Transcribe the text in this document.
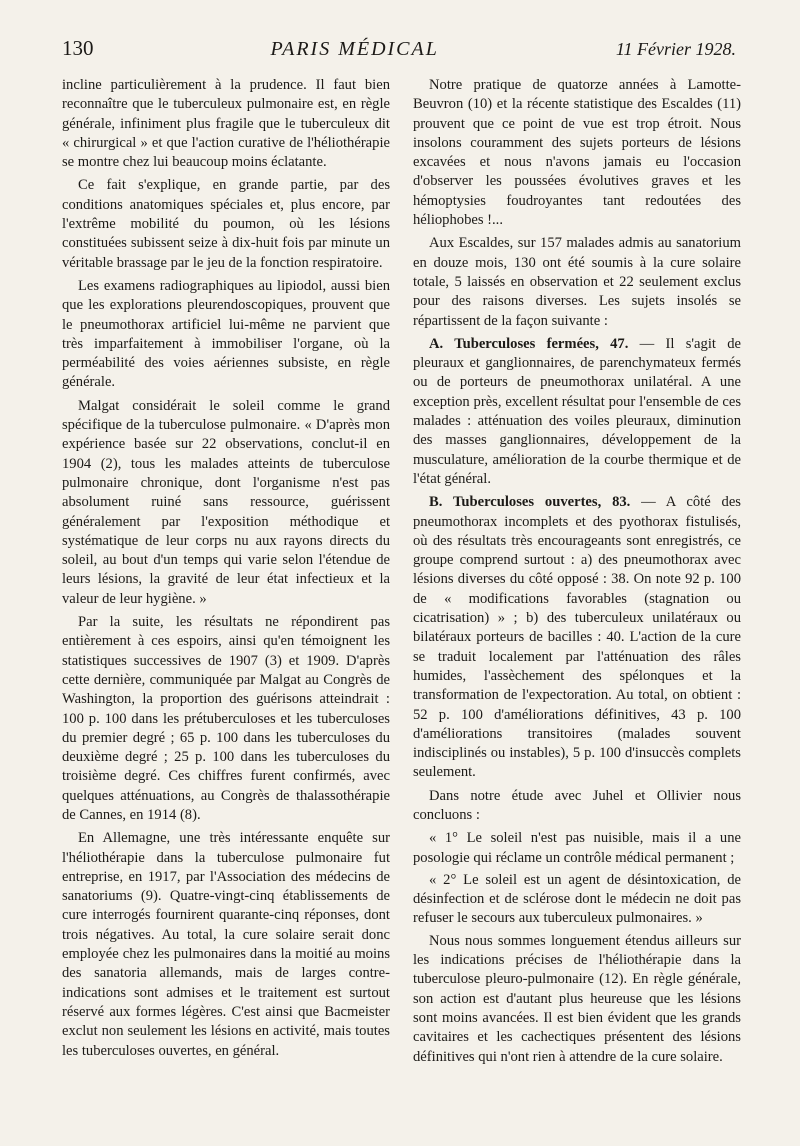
130	PARIS MÉDICAL	11 Février 1928.

incline particulièrement à la prudence. Il faut bien reconnaître que le tuberculeux pulmonaire est, en règle générale, infiniment plus fragile que le tuberculeux dit « chirurgical » et que l'action curative de l'héliothérapie se montre chez lui beaucoup moins éclatante.

Ce fait s'explique, en grande partie, par des conditions anatomiques spéciales et, plus encore, par l'extrême mobilité du poumon, où les lésions constituées subissent seize à dix-huit fois par minute un véritable brassage par le jeu de la fonction respiratoire.

Les examens radiographiques au lipiodol, aussi bien que les explorations pleurendoscopiques, prouvent que le pneumothorax artificiel lui-même ne parvient que très imparfaitement à immobiliser l'organe, où la perméabilité des voies aériennes subsiste, en règle générale.

Malgat considérait le soleil comme le grand spécifique de la tuberculose pulmonaire. « D'après mon expérience basée sur 22 observations, conclut-il en 1904 (2), tous les malades atteints de tuberculose pulmonaire chronique, dont l'organisme n'est pas absolument ruiné sans ressource, guérissent généralement par l'exposition méthodique et systématique de leur corps nu aux rayons directs du soleil, au bout d'un temps qui varie selon l'étendue de leurs lésions, la gravité de leur état infectieux et la valeur de leur hygiène. »

Par la suite, les résultats ne répondirent pas entièrement à ces espoirs, ainsi qu'en témoignent les statistiques successives de 1907 (3) et 1909. D'après cette dernière, communiquée par Malgat au Congrès de Washington, la proportion des guérisons atteindrait : 100 p. 100 dans les prétuberculoses et les tuberculoses du premier degré ; 65 p. 100 dans les tuberculoses du deuxième degré ; 25 p. 100 dans les tuberculoses du troisième degré. Ces chiffres furent confirmés, avec quelques atténuations, au Congrès de thalassothérapie de Cannes, en 1914 (8).

En Allemagne, une très intéressante enquête sur l'héliothérapie dans la tuberculose pulmonaire fut entreprise, en 1917, par l'Association des médecins de sanatoriums (9). Quatre-vingt-cinq établissements de cure interrogés fournirent quarante-cinq réponses, dont trois négatives. Au total, la cure solaire serait donc employée chez les pulmonaires dans la moitié au moins des sanatoria allemands, mais de larges contre-indications sont admises et le traitement est surtout réservé aux formes légères. C'est ainsi que Bacmeister exclut non seulement les lésions en activité, mais toutes les tuberculoses ouvertes, en général.

Notre pratique de quatorze années à Lamotte-Beuvron (10) et la récente statistique des Escaldes (11) prouvent que ce point de vue est trop étroit. Nous insolons couramment des sujets porteurs de lésions excavées et nous n'avons jamais eu l'occasion d'observer les poussées évolutives graves et les hémoptysies foudroyantes tant redoutées des héliophobes !...

Aux Escaldes, sur 157 malades admis au sanatorium en douze mois, 130 ont été soumis à la cure solaire totale, 5 laissés en observation et 22 seulement exclus pour des raisons diverses. Les sujets insolés se répartissent de la façon suivante :

A. Tuberculoses fermées, 47. — Il s'agit de pleuraux et ganglionnaires, de parenchymateux fermés ou de porteurs de pneumothorax unilatéral. A une exception près, excellent résultat pour l'ensemble de ces malades : atténuation des voiles pleuraux, diminution des masses ganglionnaires, développement de la musculature, amélioration de la courbe thermique et de l'état général.

B. Tuberculoses ouvertes, 83. — A côté des pneumothorax incomplets et des pyothorax fistulisés, où des résultats très encourageants sont enregistrés, ce groupe comprend surtout : a) des pneumothorax avec lésions diverses du côté opposé : 38. On note 92 p. 100 de « modifications favorables (stagnation ou cicatrisation) » ; b) des tuberculeux unilatéraux ou bilatéraux porteurs de bacilles : 40. L'action de la cure se traduit localement par l'atténuation des râles humides, l'assèchement des spélonques et la transformation de l'expectoration. Au total, on obtient : 52 p. 100 d'améliorations définitives, 43 p. 100 d'améliorations transitoires (malades souvent indisciplinés ou instables), 5 p. 100 d'insuccès complets seulement.

Dans notre étude avec Juhel et Ollivier nous concluons :

« 1° Le soleil n'est pas nuisible, mais il a une posologie qui réclame un contrôle médical permanent ;

« 2° Le soleil est un agent de désintoxication, de désinfection et de sclérose dont le médecin ne doit pas refuser le secours aux tuberculeux pulmonaires. »

Nous nous sommes longuement étendus ailleurs sur les indications précises de l'héliothérapie dans la tuberculose pleuro-pulmonaire (12). En règle générale, son action est d'autant plus heureuse que les lésions sont moins avancées. Il est bien évident que les grands cavitaires et les cachectiques présentent des lésions définitives qui n'ont rien à attendre de la cure solaire.
